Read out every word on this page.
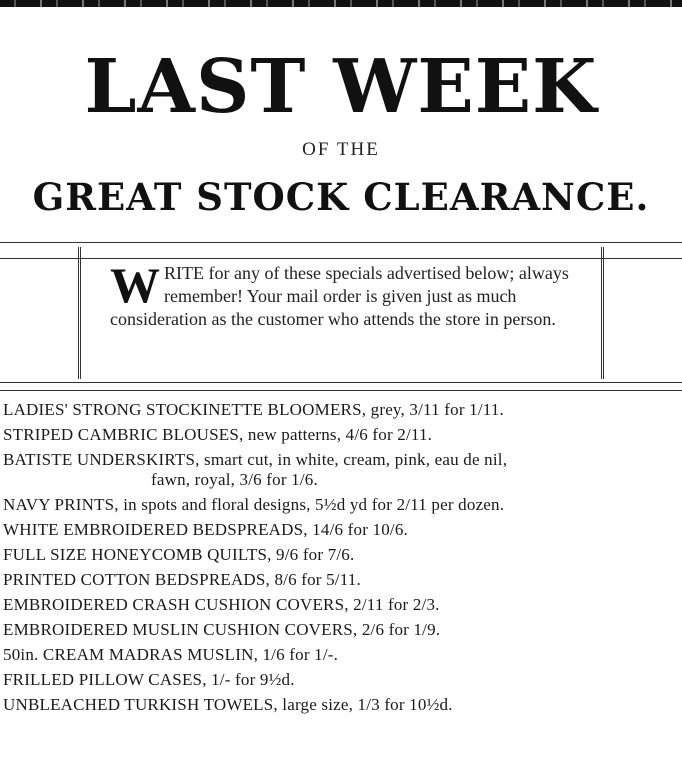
LAST WEEK
OF THE
GREAT STOCK CLEARANCE.
W RITE for any of these specials advertised below; always remember! Your mail order is given just as much consideration as the customer who attends the store in person.
LADIES' STRONG STOCKINETTE BLOOMERS, grey, 3/11 for 1/11.
STRIPED CAMBRIC BLOUSES, new patterns, 4/6 for 2/11.
BATISTE UNDERSKIRTS, smart cut, in white, cream, pink, eau de nil,
fawn, royal, 3/6 for 1/6.
NAVY PRINTS, in spots and floral designs, 5½d yd for 2/11 per dozen.
WHITE EMBROIDERED BEDSPREADS, 14/6 for 10/6.
FULL SIZE HONEYCOMB QUILTS, 9/6 for 7/6.
PRINTED COTTON BEDSPREADS, 8/6 for 5/11.
EMBROIDERED CRASH CUSHION COVERS, 2/11 for 2/3.
EMBROIDERED MUSLIN CUSHION COVERS, 2/6 for 1/9.
50in. CREAM MADRAS MUSLIN, 1/6 for 1/-.
FRILLED PILLOW CASES, 1/- for 9½d.
UNBLEACHED TURKISH TOWELS, large size, 1/3 for 10½d.
